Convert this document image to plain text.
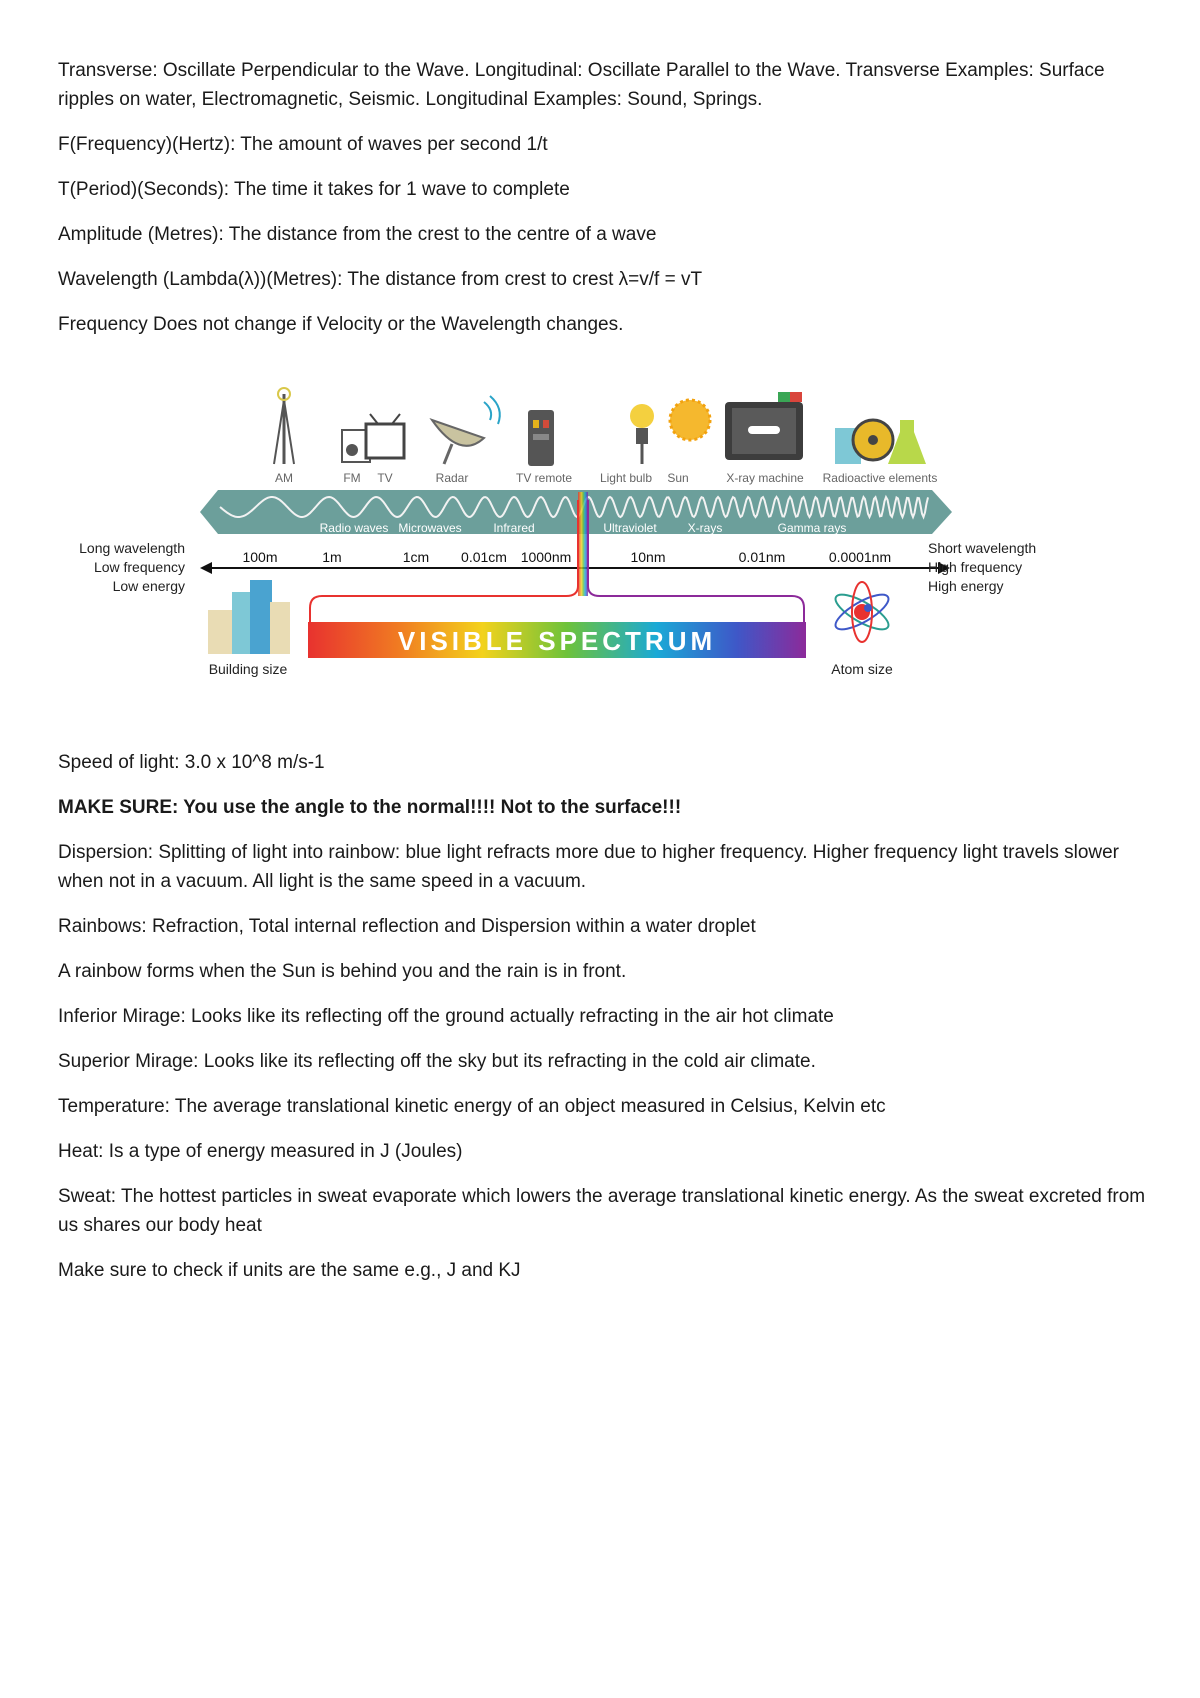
Transverse: Oscillate Perpendicular to the Wave. Longitudinal: Oscillate Parallel to the Wave. Transverse Examples: Surface ripples on water, Electromagnetic, Seismic. Longitudinal Examples: Sound, Springs.

F(Frequency)(Hertz): The amount of waves per second 1/t

T(Period)(Seconds): The time it takes for 1 wave to complete

Amplitude (Metres): The distance from the crest to the centre of a wave

Wavelength (Lambda(λ))(Metres): The distance from crest to crest λ=v/f = vT

Frequency Does not change if Velocity or the Wavelength changes.

AM	FM TV	Radar	TV remote Light bulb Sun	X-ray machine Radioactive elements
Radio waves Microwaves	Infrared	Ultraviolet	X-rays	Gamma rays
100m	1m	1cm 0.01cm 1000nm	10nm	0.01nm	0.0001nm
Long wavelength
Low frequency
Low energy
Short wavelength
High frequency
High energy
VISIBLE SPECTRUM
Building size	Atom size

Speed of light: 3.0 x 10^8 m/s-1

MAKE SURE: You use the angle to the normal!!!! Not to the surface!!!

Dispersion: Splitting of light into rainbow: blue light refracts more due to higher frequency. Higher frequency light travels slower when not in a vacuum. All light is the same speed in a vacuum.

Rainbows: Refraction, Total internal reflection and Dispersion within a water droplet

A rainbow forms when the Sun is behind you and the rain is in front.

Inferior Mirage: Looks like its reflecting off the ground actually refracting in the air hot climate

Superior Mirage: Looks like its reflecting off the sky but its refracting in the cold air climate.

Temperature: The average translational kinetic energy of an object measured in Celsius, Kelvin etc

Heat: Is a type of energy measured in J (Joules)

Sweat: The hottest particles in sweat evaporate which lowers the average translational kinetic energy. As the sweat excreted from us shares our body heat

Make sure to check if units are the same e.g., J and KJ
